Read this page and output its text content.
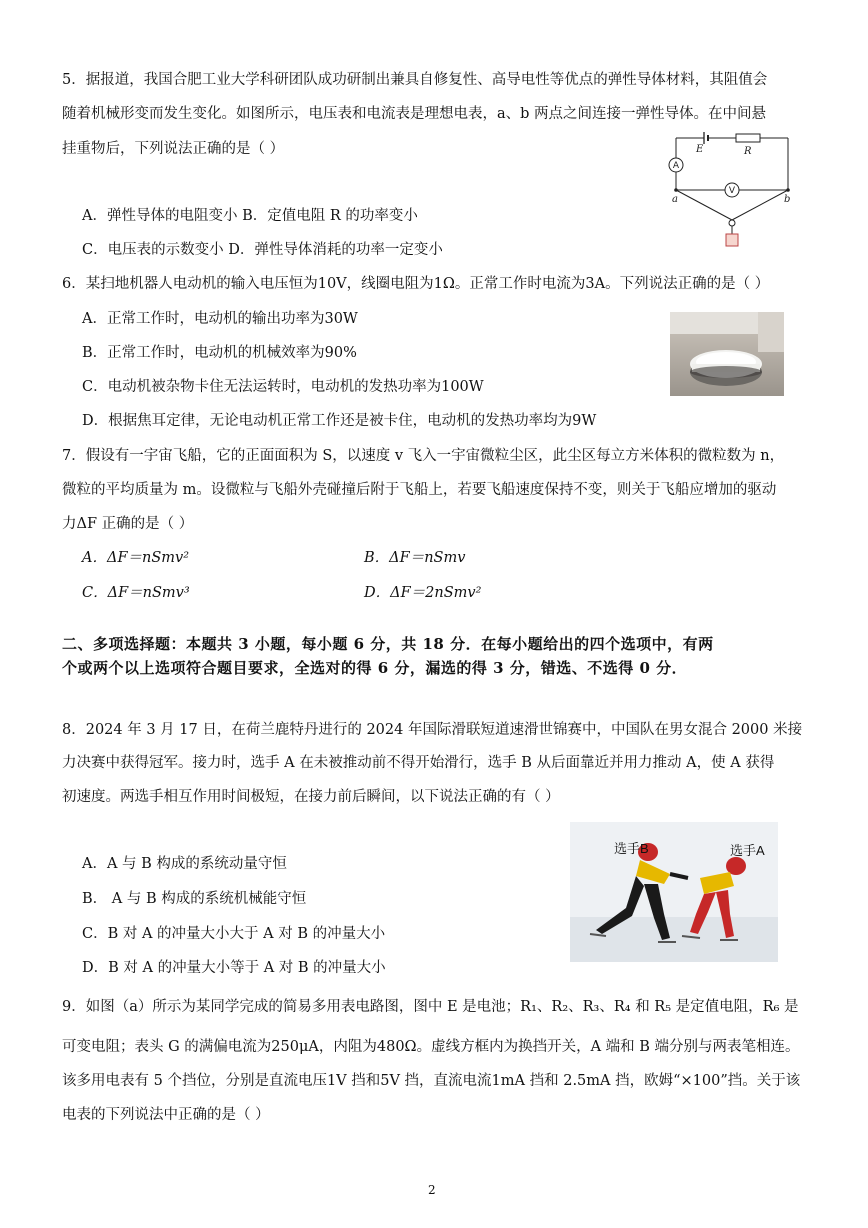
5．据报道，我国合肥工业大学科研团队成功研制出兼具自修复性、高导电性等优点的弹性导体材料，其阻值会
随着机械形变而发生变化。如图所示，电压表和电流表是理想电表，a、b 两点之间连接一弹性导体。在中间悬
挂重物后，下列说法正确的是（ ）	E	R
a	b
A
V
A．弹性导体的电阻变小 B．定值电阻 R 的功率变小
C．电压表的示数变小 D．弹性导体消耗的功率一定变小
6．某扫地机器人电动机的输入电压恒为10V，线圈电阻为1Ω。正常工作时电流为3A。下列说法正确的是（ ）
A．正常工作时，电动机的输出功率为30W
B．正常工作时，电动机的机械效率为90%
C．电动机被杂物卡住无法运转时，电动机的发热功率为100W
D．根据焦耳定律，无论电动机正常工作还是被卡住，电动机的发热功率均为9W
7．假设有一宇宙飞船，它的正面面积为 S，以速度 v 飞入一宇宙微粒尘区，此尘区每立方米体积的微粒数为 n，
微粒的平均质量为 m。设微粒与飞船外壳碰撞后附于飞船上，若要飞船速度保持不变，则关于飞船应增加的驱动
力ΔF 正确的是（ ）
A．ΔF＝nSmv²	B．ΔF＝nSmv
C．ΔF＝nSmv³	D．ΔF＝2nSmv²
二、多项选择题：本题共 3 小题，每小题 6 分，共 18 分．在每小题给出的四个选项中，有两
个或两个以上选项符合题目要求，全选对的得 6 分，漏选的得 3 分，错选、不选得 0 分．
8．2024 年 3 月 17 日，在荷兰鹿特丹进行的 2024 年国际滑联短道速滑世锦赛中，中国队在男女混合 2000 米接
力决赛中获得冠军。接力时，选手 A 在未被推动前不得开始滑行，选手 B 从后面靠近并用力推动 A，使 A 获得
初速度。两选手相互作用时间极短，在接力前后瞬间，以下说法正确的有（ ）
A．A 与 B 构成的系统动量守恒
B． A 与 B 构成的系统机械能守恒
C．B 对 A 的冲量大小大于 A 对 B 的冲量大小
D．B 对 A 的冲量大小等于 A 对 B 的冲量大小
选手B	选手A
9．如图（a）所示为某同学完成的简易多用表电路图，图中 E 是电池；R₁、R₂、R₃、R₄ 和 R₅ 是定值电阻，R₆ 是
可变电阻；表头 G 的满偏电流为250μA，内阻为480Ω。虚线方框内为换挡开关，A 端和 B 端分别与两表笔相连。
该多用电表有 5 个挡位，分别是直流电压1V 挡和5V 挡，直流电流1mA 挡和 2.5mA 挡，欧姆“×100”挡。关于该
电表的下列说法中正确的是（ ）
2
